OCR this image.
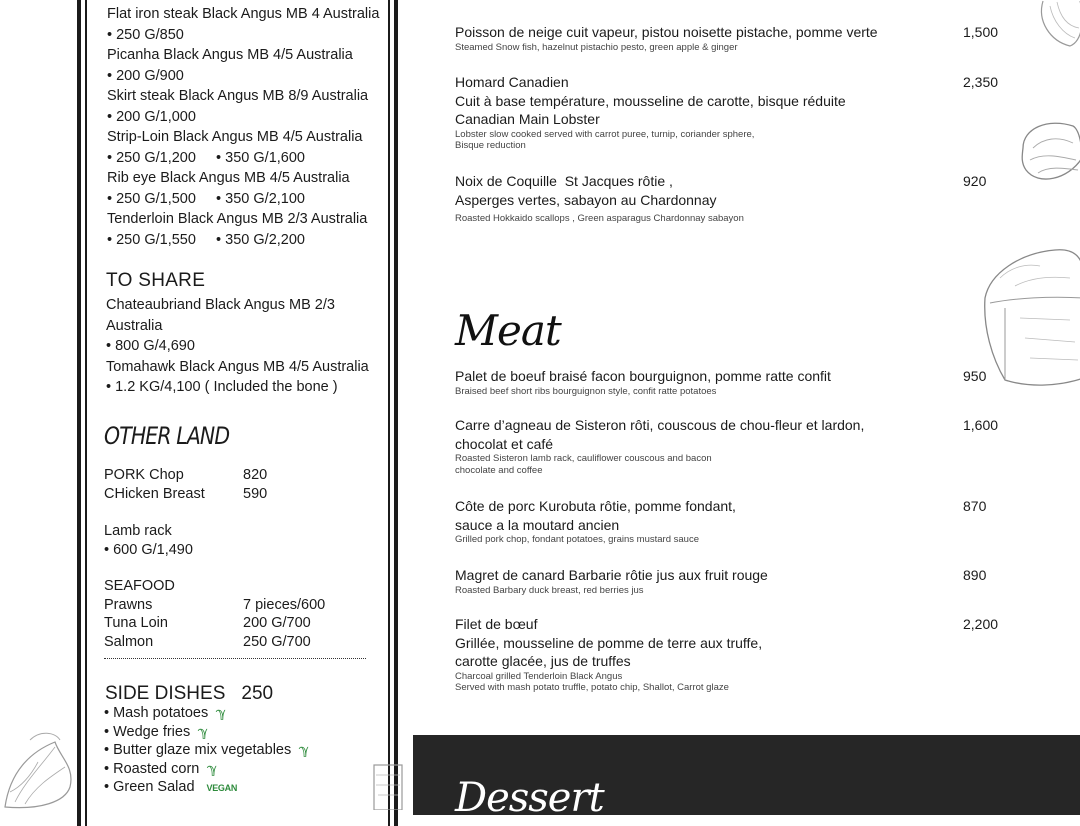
Flat iron steak Black Angus MB 4 Australia
• 250 G/850
Picanha Black Angus MB 4/5 Australia
• 200 G/900
Skirt steak Black Angus MB 8/9 Australia
• 200 G/1,000
Strip-Loin Black Angus MB 4/5 Australia
• 250 G/1,200     • 350 G/1,600
Rib eye Black Angus MB 4/5 Australia
• 250 G/1,500     • 350 G/2,100
Tenderloin Black Angus MB 2/3 Australia
• 250 G/1,550     • 350 G/2,200
TO SHARE
Chateaubriand Black Angus MB 2/3
Australia
• 800 G/4,690
Tomahawk Black Angus MB 4/5 Australia
• 1.2 KG/4,100 ( Included the bone )
OTHER LAND
PORK Chop	820
CHicken Breast	590
Lamb rack
• 600 G/1,490
SEAFOOD
Prawns	7 pieces/600
Tuna Loin	200 G/700
Salmon	250 G/700
SIDE DISHES 250
• Mash potatoes ℽ
• Wedge fries ℽ
• Butter glaze mix vegetables ℽ
• Roasted corn ℽ
• Green Salad VEGAN
Poisson de neige cuit vapeur, pistou noisette pistache, pomme verte
Steamed Snow fish, hazelnut pistachio pesto, green apple & ginger
1,500
Homard Canadien
Cuit à base température, mousseline de carotte, bisque réduite
Canadian Main Lobster
Lobster slow cooked served with carrot puree, turnip, coriander sphere,
Bisque reduction
2,350
Noix de Coquille  St Jacques rôtie ,
Asperges vertes, sabayon au Chardonnay
Roasted Hokkaido scallops , Green asparagus Chardonnay sabayon
920
Meat
Palet de boeuf braisé facon bourguignon, pomme ratte confit
Braised beef short ribs bourguignon style, confit ratte potatoes
950
Carre d’agneau de Sisteron rôti, couscous de chou-fleur et lardon,
chocolat et café
Roasted Sisteron lamb rack, cauliflower couscous and bacon
chocolate and coffee
1,600
Côte de porc Kurobuta rôtie, pomme fondant,
sauce a la moutard ancien
Grilled pork chop, fondant potatoes, grains mustard sauce
870
Magret de canard Barbarie rôtie jus aux fruit rouge
Roasted Barbary duck breast, red berries jus
890
Filet de bœuf
Grillée, mousseline de pomme de terre aux truffe,
carotte glacée, jus de truffes
Charcoal grilled Tenderloin Black Angus
Served with mash potato truffle, potato chip, Shallot, Carrot glaze
2,200
Dessert
